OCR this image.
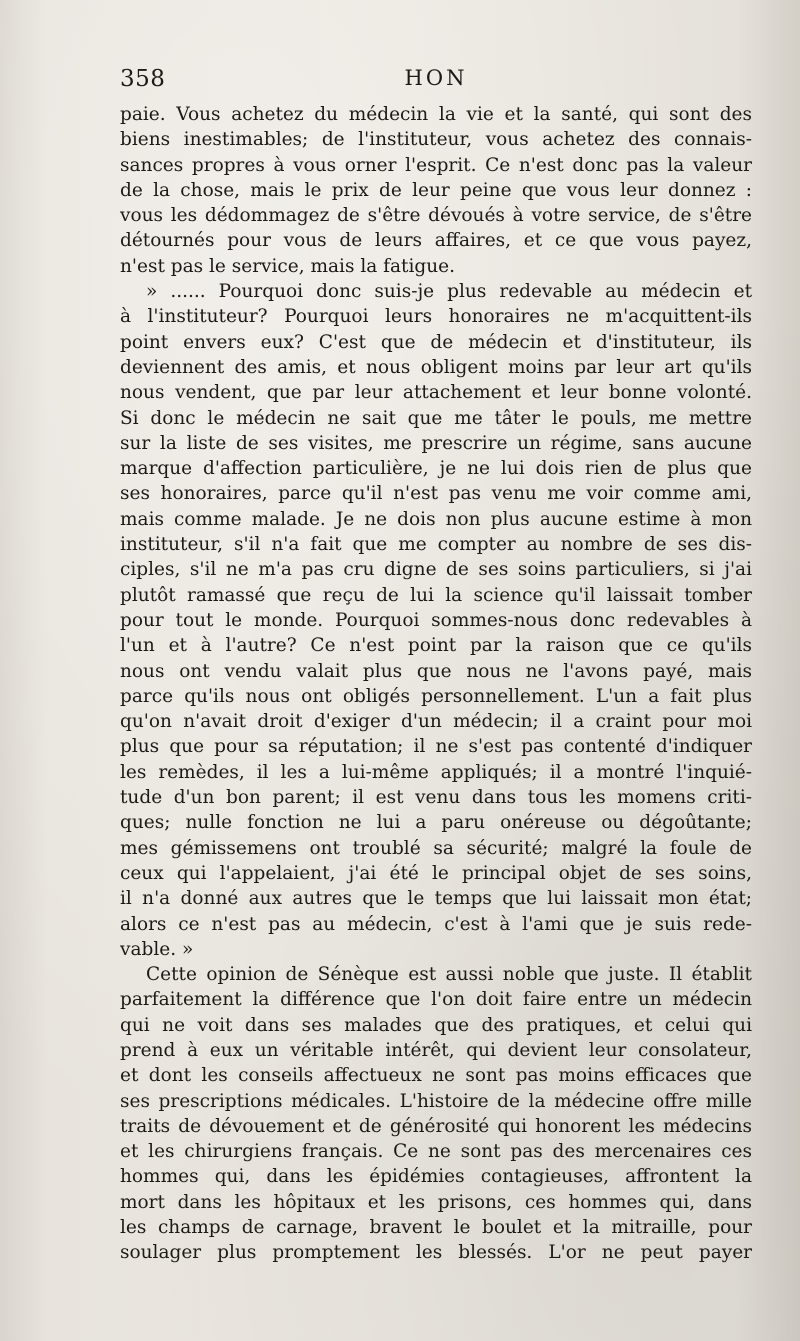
358	HON
paie. Vous achetez du médecin la vie et la santé, qui sont des
biens inestimables; de l'instituteur, vous achetez des connais-
sances propres à vous orner l'esprit. Ce n'est donc pas la valeur
de la chose, mais le prix de leur peine que vous leur donnez :
vous les dédommagez de s'être dévoués à votre service, de s'être
détournés pour vous de leurs affaires, et ce que vous payez,
n'est pas le service, mais la fatigue.
» ...... Pourquoi donc suis-je plus redevable au médecin et
à l'instituteur? Pourquoi leurs honoraires ne m'acquittent-ils
point envers eux? C'est que de médecin et d'instituteur, ils
deviennent des amis, et nous obligent moins par leur art qu'ils
nous vendent, que par leur attachement et leur bonne volonté.
Si donc le médecin ne sait que me tâter le pouls, me mettre
sur la liste de ses visites, me prescrire un régime, sans aucune
marque d'affection particulière, je ne lui dois rien de plus que
ses honoraires, parce qu'il n'est pas venu me voir comme ami,
mais comme malade. Je ne dois non plus aucune estime à mon
instituteur, s'il n'a fait que me compter au nombre de ses dis-
ciples, s'il ne m'a pas cru digne de ses soins particuliers, si j'ai
plutôt ramassé que reçu de lui la science qu'il laissait tomber
pour tout le monde. Pourquoi sommes-nous donc redevables à
l'un et à l'autre? Ce n'est point par la raison que ce qu'ils
nous ont vendu valait plus que nous ne l'avons payé, mais
parce qu'ils nous ont obligés personnellement. L'un a fait plus
qu'on n'avait droit d'exiger d'un médecin; il a craint pour moi
plus que pour sa réputation; il ne s'est pas contenté d'indiquer
les remèdes, il les a lui-même appliqués; il a montré l'inquié-
tude d'un bon parent; il est venu dans tous les momens criti-
ques; nulle fonction ne lui a paru onéreuse ou dégoûtante;
mes gémissemens ont troublé sa sécurité; malgré la foule de
ceux qui l'appelaient, j'ai été le principal objet de ses soins,
il n'a donné aux autres que le temps que lui laissait mon état;
alors ce n'est pas au médecin, c'est à l'ami que je suis rede-
vable. »
Cette opinion de Sénèque est aussi noble que juste. Il établit
parfaitement la différence que l'on doit faire entre un médecin
qui ne voit dans ses malades que des pratiques, et celui qui
prend à eux un véritable intérêt, qui devient leur consolateur,
et dont les conseils affectueux ne sont pas moins efficaces que
ses prescriptions médicales. L'histoire de la médecine offre mille
traits de dévouement et de générosité qui honorent les médecins
et les chirurgiens français. Ce ne sont pas des mercenaires ces
hommes qui, dans les épidémies contagieuses, affrontent la
mort dans les hôpitaux et les prisons, ces hommes qui, dans
les champs de carnage, bravent le boulet et la mitraille, pour
soulager plus promptement les blessés. L'or ne peut payer
